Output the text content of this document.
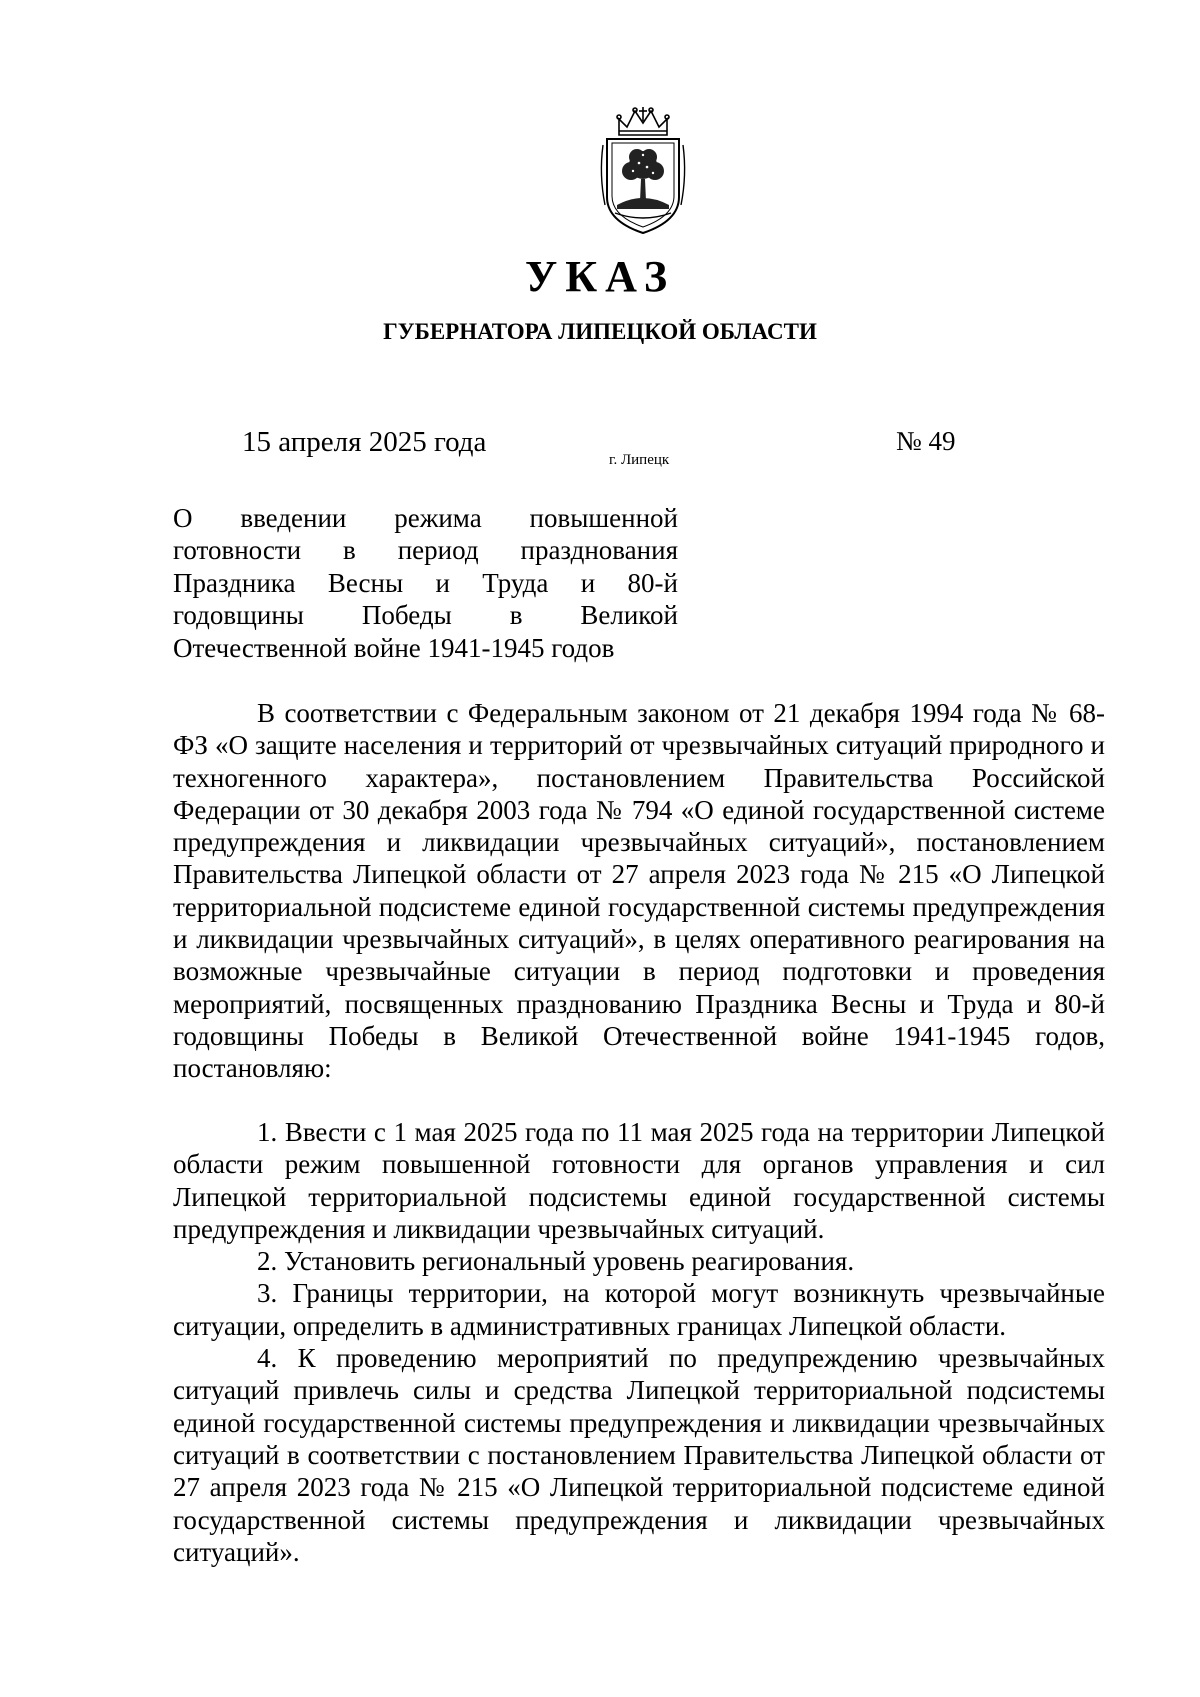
УКАЗ
ГУБЕРНАТОРА ЛИПЕЦКОЙ ОБЛАСТИ
15 апреля 2025 года
г. Липецк
№ 49

О введении режима повышенной готовности в период празднования Праздника Весны и Труда и 80-й годовщины Победы в Великой Отечественной войне 1941-1945 годов

В соответствии с Федеральным законом от 21 декабря 1994 года № 68-ФЗ «О защите населения и территорий от чрезвычайных ситуаций природного и техногенного характера», постановлением Правительства Российской Федерации от 30 декабря 2003 года № 794 «О единой государственной системе предупреждения и ликвидации чрезвычайных ситуаций», постановлением Правительства Липецкой области от 27 апреля 2023 года № 215 «О Липецкой территориальной подсистеме единой государственной системы предупреждения и ликвидации чрезвычайных ситуаций», в целях оперативного реагирования на возможные чрезвычайные ситуации в период подготовки и проведения мероприятий, посвященных празднованию Праздника Весны и Труда и 80-й годовщины Победы в Великой Отечественной войне 1941-1945 годов, постановляю:

1. Ввести с 1 мая 2025 года по 11 мая 2025 года на территории Липецкой области режим повышенной готовности для органов управления и сил Липецкой территориальной подсистемы единой государственной системы предупреждения и ликвидации чрезвычайных ситуаций.

2. Установить региональный уровень реагирования.

3. Границы территории, на которой могут возникнуть чрезвычайные ситуации, определить в административных границах Липецкой области.

4. К проведению мероприятий по предупреждению чрезвычайных ситуаций привлечь силы и средства Липецкой территориальной подсистемы единой государственной системы предупреждения и ликвидации чрезвычайных ситуаций в соответствии с постановлением Правительства Липецкой области от 27 апреля 2023 года № 215 «О Липецкой территориальной подсистеме единой государственной системы предупреждения и ликвидации чрезвычайных ситуаций».
